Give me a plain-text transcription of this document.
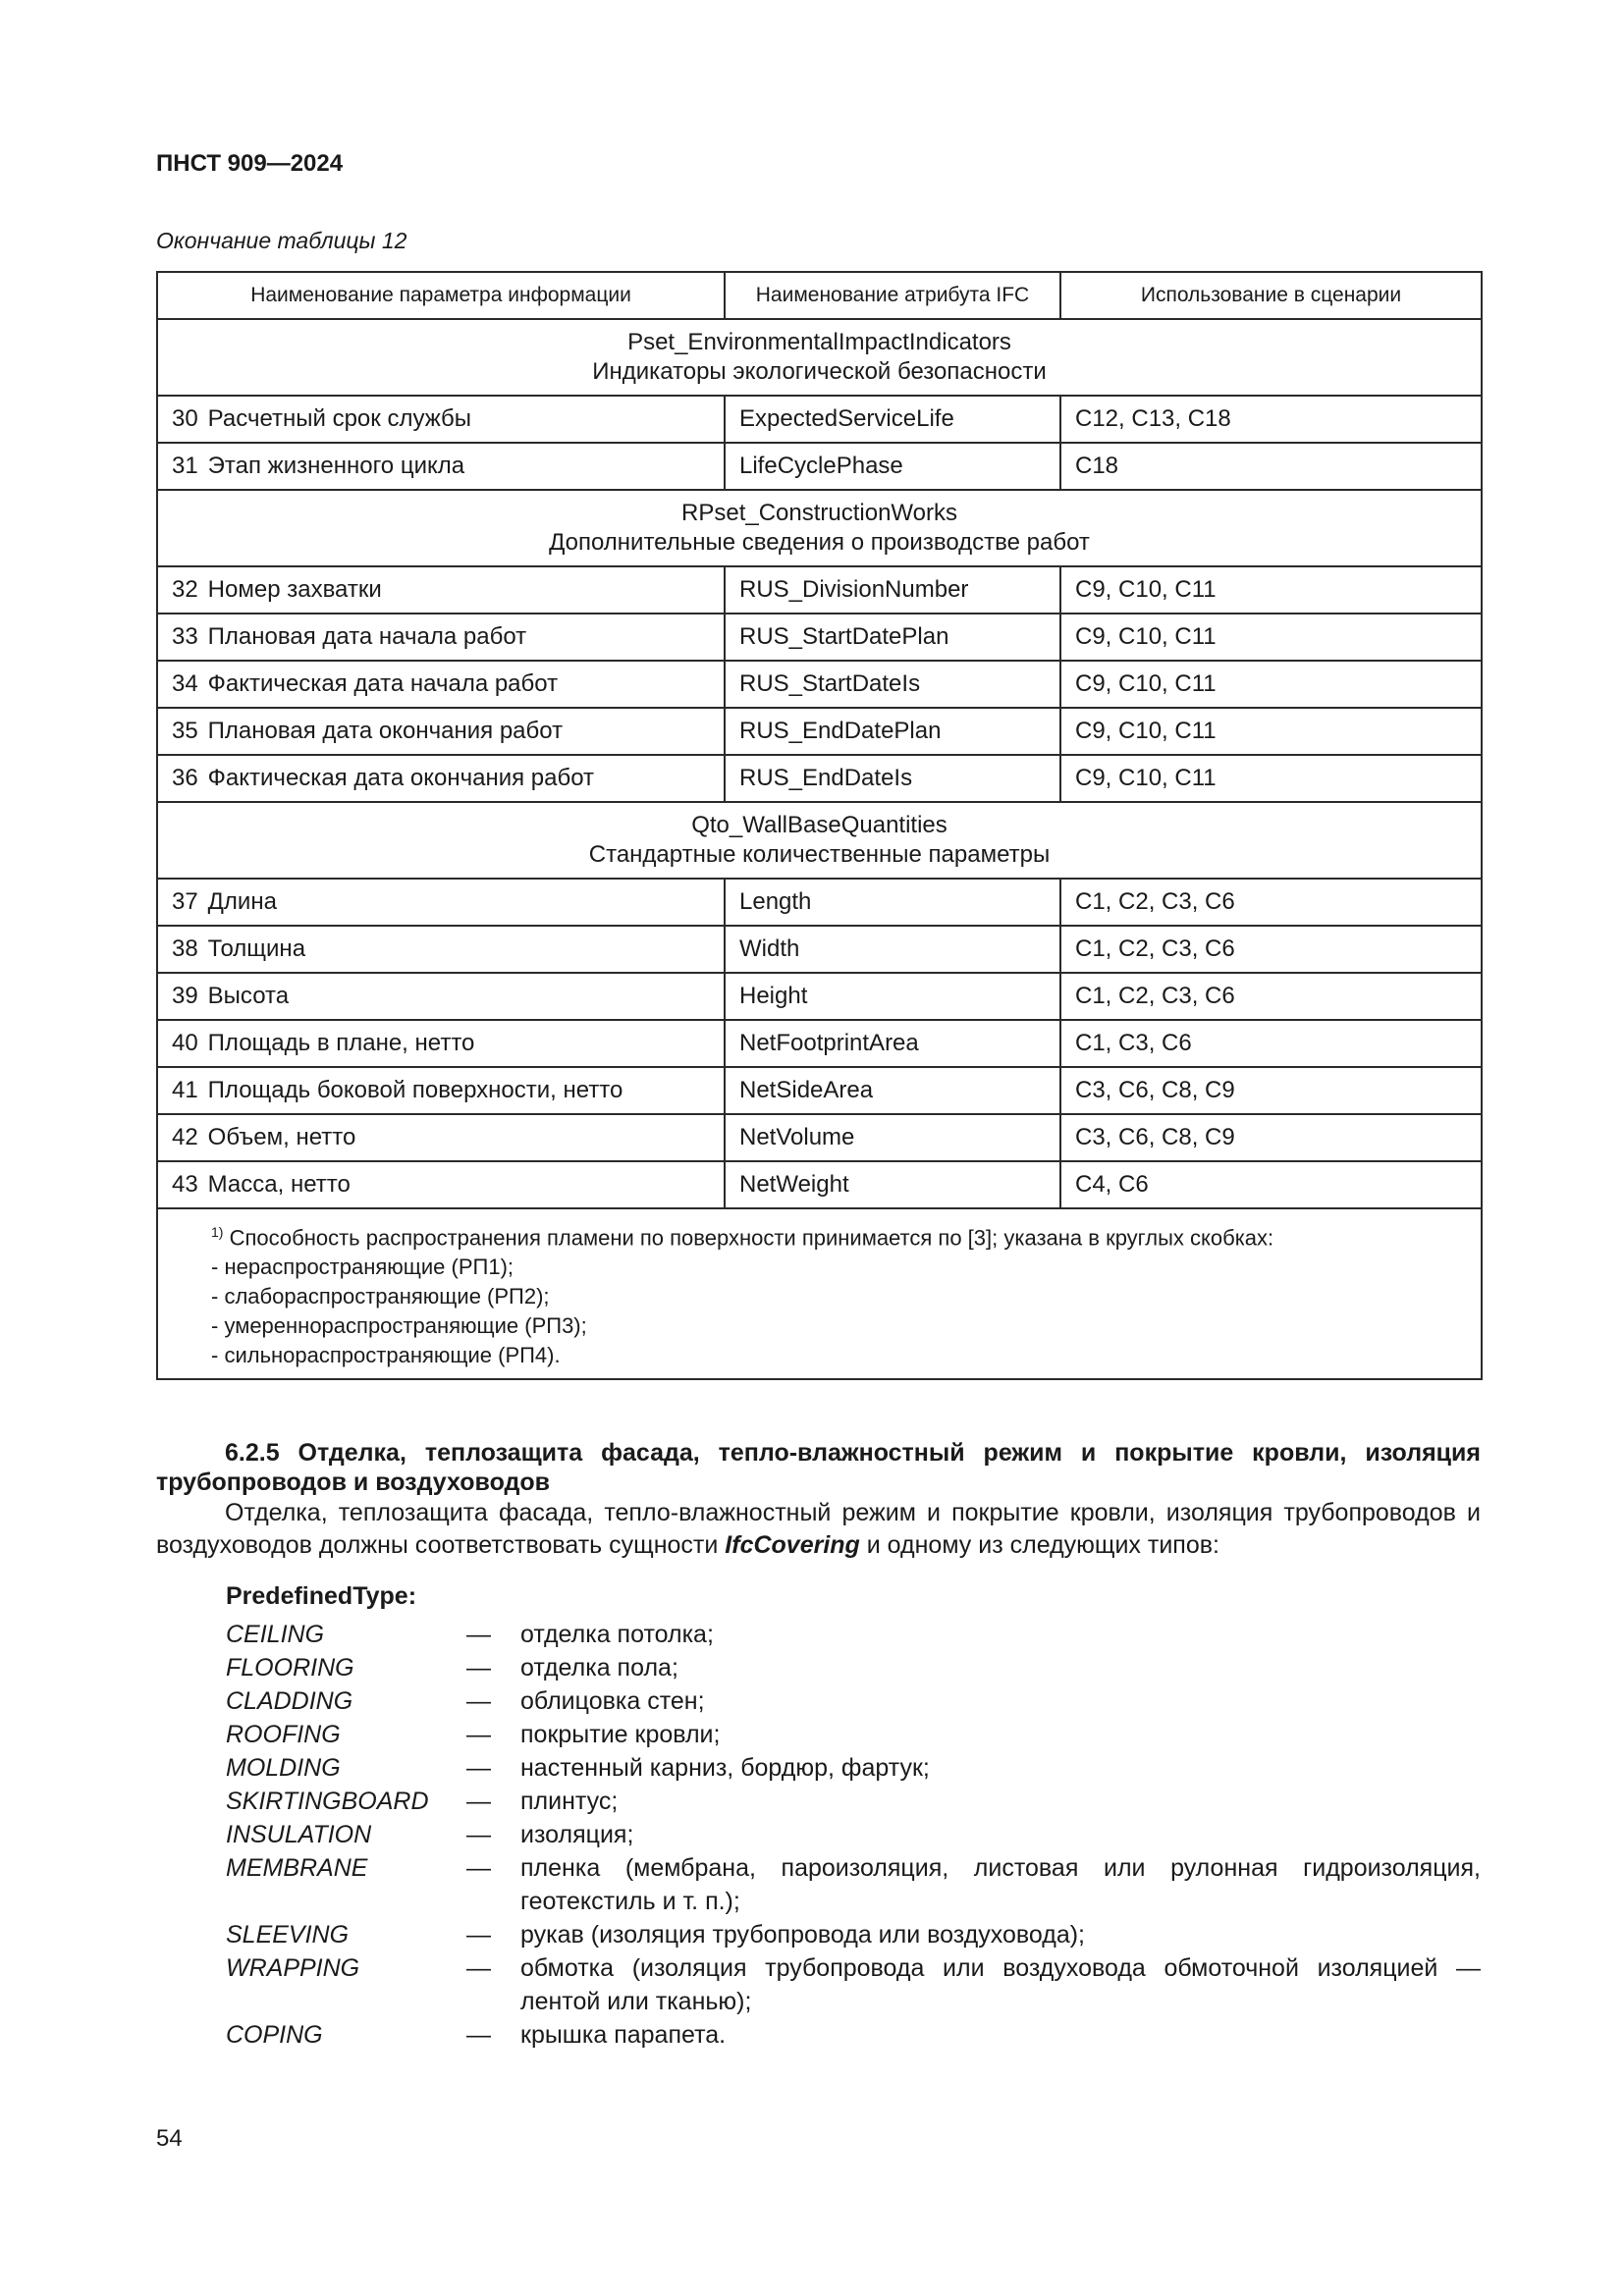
ПНСТ 909—2024
Окончание таблицы 12
Наименование параметра информации	Наименование атрибута IFC	Использование в сценарии

Pset_EnvironmentalImpactIndicators
Индикаторы экологической безопасности		

30 Расчетный срок службы	ExpectedServiceLife	C12, C13, C18
31 Этап жизненного цикла	LifeCyclePhase	C18

RPset_ConstructionWorks
Дополнительные сведения о производстве работ		

32 Номер захватки	RUS_DivisionNumber	C9, C10, C11
33 Плановая дата начала работ	RUS_StartDatePlan	C9, C10, C11
34 Фактическая дата начала работ	RUS_StartDateIs	C9, C10, C11
35 Плановая дата окончания работ	RUS_EndDatePlan	C9, C10, C11
36 Фактическая дата окончания работ	RUS_EndDateIs	C9, C10, C11

Qto_WallBaseQuantities
Стандартные количественные параметры		

37 Длина	Length	C1, C2, C3, C6
38 Толщина	Width	C1, C2, C3, C6
39 Высота	Height	C1, C2, C3, C6
40 Площадь в плане, нетто	NetFootprintArea	C1, C3, C6
41 Площадь боковой поверхности, нетто	NetSideArea	C3, C6, C8, C9
42 Объем, нетто	NetVolume	C3, C6, C8, C9
43 Масса, нетто	NetWeight	C4, C6

$^{1)}$ Способность распространения пламени по поверхности принимается по [3]; указана в круглых скобках:
- нераспространяющие (РП1);
- слабораспространяющие (РП2);
- умереннораспространяющие (РП3);
- сильнораспространяющие (РП4).		
6.2.5 Отделка, теплозащита фасада, тепло-влажностный режим и покрытие кровли, изоляция трубопроводов и воздуховодов
Отделка, теплозащита фасада, тепло-влажностный режим и покрытие кровли, изоляция трубопроводов и воздуховодов должны соответствовать сущности IfcCovering и одному из следующих типов:
PredefinedType:
CEILING	—	отделка потолка;
FLOORING	—	отделка пола;
CLADDING	—	облицовка стен;
ROOFING	—	покрытие кровли;
MOLDING	—	настенный карниз, бордюр, фартук;
SKIRTINGBOARD	—	плинтус;
INSULATION	—	изоляция;
MEMBRANE	—	пленка (мембрана, пароизоляция, листовая или рулонная гидроизоляция, геотекстиль и т. п.);
SLEEVING	—	рукав (изоляция трубопровода или воздуховода);
WRAPPING	—	обмотка (изоляция трубопровода или воздуховода обмоточной изоляцией — лентой или тканью);
COPING	—	крышка парапета.
54
